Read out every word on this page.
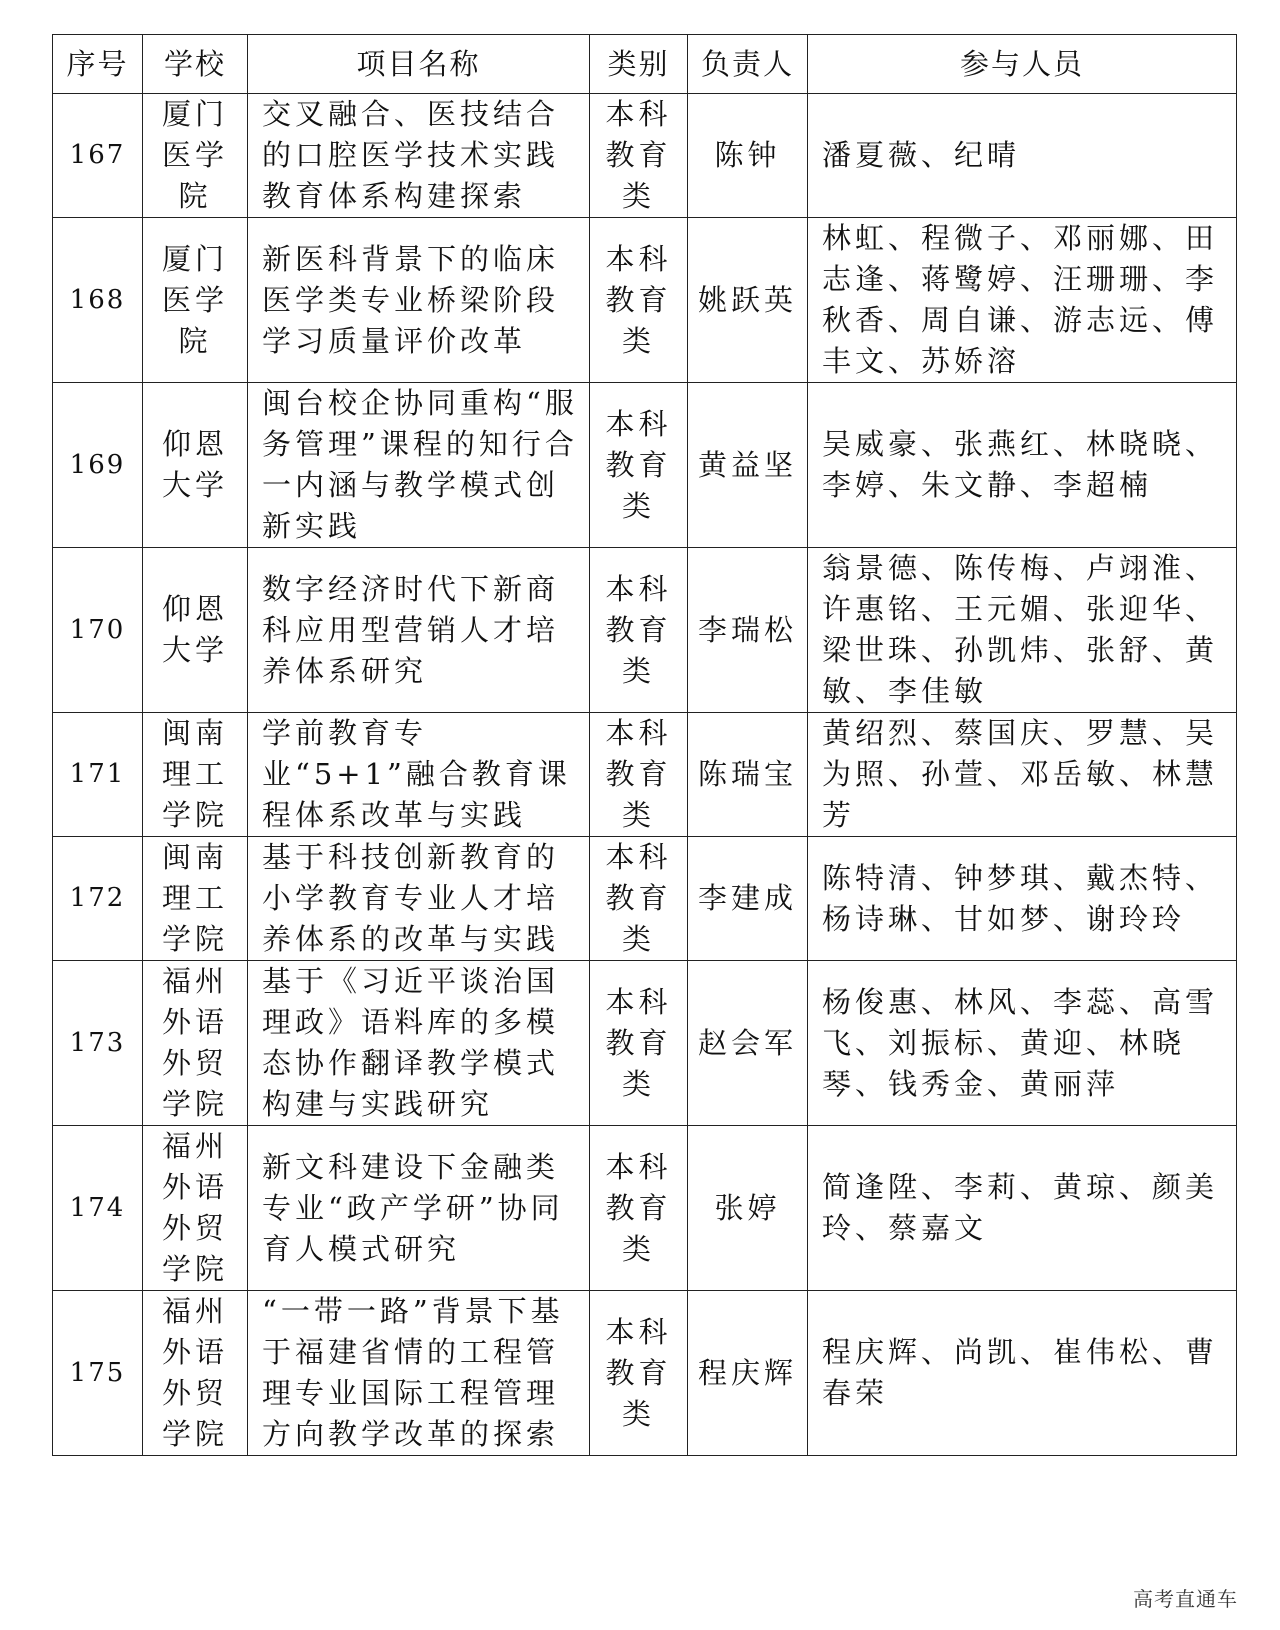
序号	学校	项目名称	类别	负责人	参与人员
167	厦门医学院	交叉融合、医技结合的口腔医学技术实践教育体系构建探索	本科教育类	陈钟	潘夏薇、纪晴
168	厦门医学院	新医科背景下的临床医学类专业桥梁阶段学习质量评价改革	本科教育类	姚跃英	林虹、程微子、邓丽娜、田志逢、蒋鹭婷、汪珊珊、李秋香、周自谦、游志远、傅丰文、苏娇溶
169	仰恩大学	闽台校企协同重构“服务管理”课程的知行合一内涵与教学模式创新实践	本科教育类	黄益坚	吴威豪、张燕红、林晓晓、李婷、朱文静、李超楠
170	仰恩大学	数字经济时代下新商科应用型营销人才培养体系研究	本科教育类	李瑞松	翁景德、陈传梅、卢翊淮、许惠铭、王元媚、张迎华、梁世珠、孙凯炜、张舒、黄敏、李佳敏
171	闽南理工学院	学前教育专业“5+1”融合教育课程体系改革与实践	本科教育类	陈瑞宝	黄绍烈、蔡国庆、罗慧、吴为照、孙萱、邓岳敏、林慧芳
172	闽南理工学院	基于科技创新教育的小学教育专业人才培养体系的改革与实践	本科教育类	李建成	陈特清、钟梦琪、戴杰特、杨诗琳、甘如梦、谢玲玲
173	福州外语外贸学院	基于《习近平谈治国理政》语料库的多模态协作翻译教学模式构建与实践研究	本科教育类	赵会军	杨俊惠、林风、李蕊、高雪飞、刘振标、黄迎、林晓琴、钱秀金、黄丽萍
174	福州外语外贸学院	新文科建设下金融类专业“政产学研”协同育人模式研究	本科教育类	张婷	简逢陞、李莉、黄琼、颜美玲、蔡嘉文
175	福州外语外贸学院	“一带一路”背景下基于福建省情的工程管理专业国际工程管理方向教学改革的探索	本科教育类	程庆辉	程庆辉、尚凯、崔伟松、曹春荣
高考直通车
